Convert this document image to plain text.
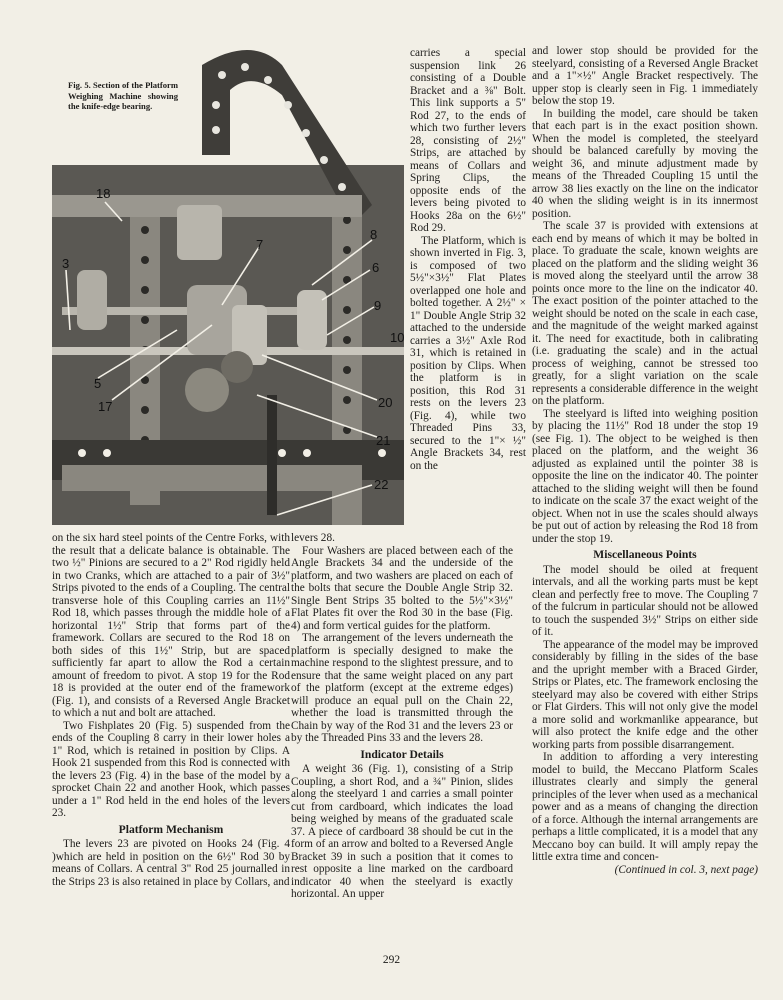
18
7
8
3	6
9
10
5
17	20
21
22
Fig. 5. Section of the Platform Weighing Machine showing the knife-edge bearing.

carries a special suspension link 26 consisting of a Double Bracket and a ⅜" Bolt. This link supports a 5" Rod 27, to the ends of which two further levers 28, consisting of 2½" Strips, are attached by means of Collars and Spring Clips, the opposite ends of the levers being pivoted to Hooks 28a on the 6½" Rod 29.

The Platform, which is shown inverted in Fig. 3, is composed of two 5½"×3½" Flat Plates overlapped one hole and bolted together. A 2½" × 1" Double Angle Strip 32 attached to the underside carries a 3½" Axle Rod 31, which is retained in position by Clips. When the platform is in position, this Rod 31 rests on the levers 23 (Fig. 4), while two Threaded Pins 33, secured to the 1"× ½" Angle Brackets 34, rest on the

on the six hard steel points of the Centre Forks, with the result that a delicate balance is obtainable. The two ½" Pinions are secured to a 2" Rod rigidly held in two Cranks, which are attached to a pair of 3½" Strips pivoted to the ends of a Coupling. The central transverse hole of this Coupling carries an 11½" Rod 18, which passes through the middle hole of a horizontal 1½" Strip that forms part of the framework. Collars are secured to the Rod 18 on both sides of this 1½" Strip, but are spaced sufficiently far apart to allow the Rod a certain amount of freedom to pivot. A stop 19 for the Rod 18 is provided at the outer end of the framework (Fig. 1), and consists of a Reversed Angle Bracket to which a nut and bolt are attached.

Two Fishplates 20 (Fig. 5) suspended from the ends of the Coupling 8 carry in their lower holes a 1" Rod, which is retained in position by Clips. A Hook 21 suspended from this Rod is connected with the levers 23 (Fig. 4) in the base of the model by a sprocket Chain 22 and another Hook, which passes under a 1" Rod held in the end holes of the levers 23.

Platform Mechanism

The levers 23 are pivoted on Hooks 24 (Fig. 4 )which are held in position on the 6½" Rod 30 by means of Collars. A central 3" Rod 25 journalled in the Strips 23 is also retained in place by Collars, and

levers 28.

Four Washers are placed between each of the Angle Brackets 34 and the underside of the platform, and two washers are placed on each of the bolts that secure the Double Angle Strip 32. Single Bent Strips 35 bolted to the 5½"×3½" Flat Plates fit over the Rod 30 in the base (Fig. 4) and form vertical guides for the platform.

The arrangement of the levers underneath the platform is specially designed to make the machine respond to the slightest pressure, and to ensure that the same weight placed on any part of the platform (except at the extreme edges) will produce an equal pull on the Chain 22, whether the load is transmitted through the Chain by way of the Rod 31 and the levers 23 or by the Threaded Pins 33 and the levers 28.

Indicator Details

A weight 36 (Fig. 1), consisting of a Strip Coupling, a short Rod, and a ¾" Pinion, slides along the steelyard 1 and carries a small pointer cut from cardboard, which indicates the load being weighed by means of the graduated scale 37. A piece of cardboard 38 should be cut in the form of an arrow and bolted to a Reversed Angle Bracket 39 in such a position that it comes to rest opposite a line marked on the cardboard indicator 40 when the steelyard is exactly horizontal. An upper

and lower stop should be provided for the steelyard, consisting of a Reversed Angle Bracket and a 1"×½" Angle Bracket respectively. The upper stop is clearly seen in Fig. 1 immediately below the stop 19.

In building the model, care should be taken that each part is in the exact position shown. When the model is completed, the steelyard should be balanced carefully by moving the weight 36, and minute adjustment made by means of the Threaded Coupling 15 until the arrow 38 lies exactly on the line on the indicator 40 when the sliding weight is in its innermost position.

The scale 37 is provided with extensions at each end by means of which it may be bolted in place. To graduate the scale, known weights are placed on the platform and the sliding weight 36 is moved along the steelyard until the arrow 38 points once more to the line on the indicator 40. The exact position of the pointer attached to the weight should be noted on the scale in each case, and the magnitude of the weight marked against it. The need for exactitude, both in calibrating (i.e. graduating the scale) and in the actual process of weighing, cannot be stressed too greatly, for a slight variation on the scale represents a considerable difference in the weight on the platform.

The steelyard is lifted into weighing position by placing the 11½" Rod 18 under the stop 19 (see Fig. 1). The object to be weighed is then placed on the platform, and the weight 36 adjusted as explained until the pointer 38 is opposite the line on the indicator 40. The pointer attached to the sliding weight will then be found to indicate on the scale 37 the exact weight of the object. When not in use the scales should always be put out of action by releasing the Rod 18 from under the stop 19.

Miscellaneous Points

The model should be oiled at frequent intervals, and all the working parts must be kept clean and perfectly free to move. The Coupling 7 of the fulcrum in particular should not be allowed to touch the suspended 3½" Strips on either side of it.

The appearance of the model may be improved considerably by filling in the sides of the base and the upright member with a Braced Girder, Strips or Plates, etc. The framework enclosing the steelyard may also be covered with either Strips or Flat Girders. This will not only give the model a more solid and workmanlike appearance, but will also protect the knife edge and the other working parts from possible disarrangement.

In addition to affording a very interesting model to build, the Meccano Platform Scales illustrates clearly and simply the general principles of the lever when used as a mechanical power and as a means of changing the direction of a force. Although the internal arrangements are perhaps a little complicated, it is a model that any Meccano boy can build. It will amply repay the little extra time and concen-

(Continued in col. 3, next page)

292
